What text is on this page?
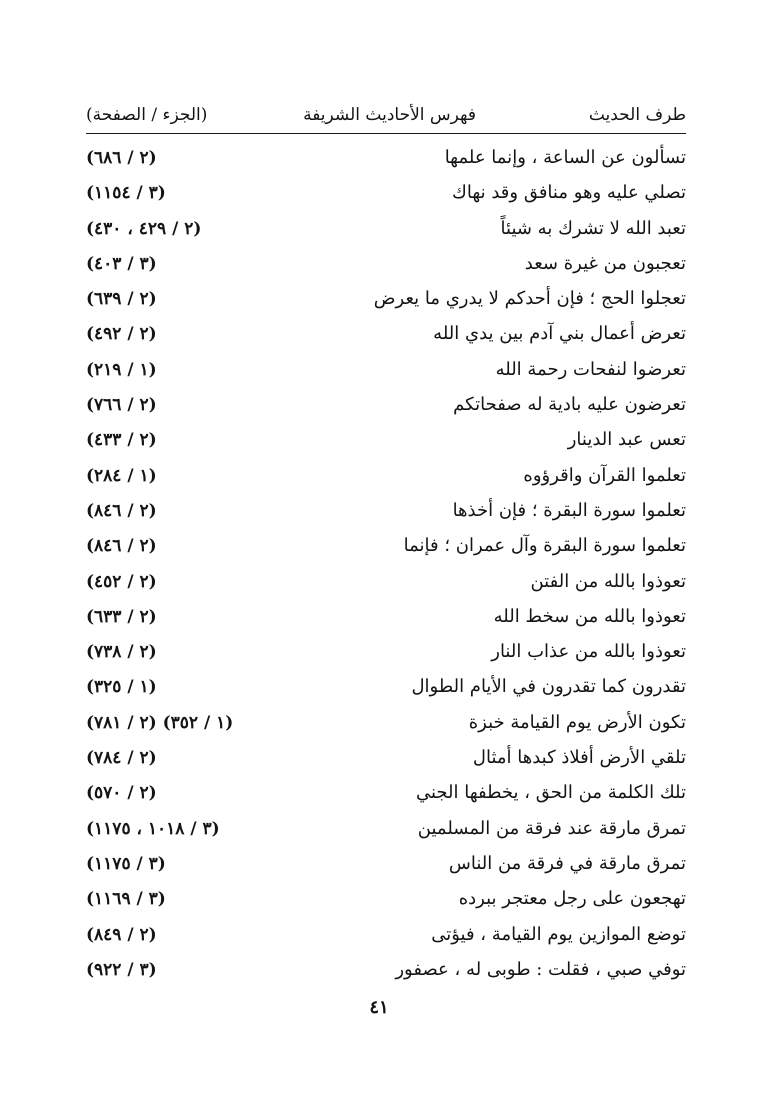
طرف الحديث
فهرس الأحاديث الشريفة
(الجزء / الصفحة)
تسألون عن الساعة ، وإنما علمها
(٢ / ٦٨٦)
تصلي عليه وهو منافق وقد نهاك
(٣ / ١١٥٤)
تعبد الله لا تشرك به شيئاً
(٢ / ٤٢٩ ، ٤٣٠)
تعجبون من غيرة سعد
(٣ / ٤٠٣)
تعجلوا الحج ؛ فإن أحدكم لا يدري ما يعرض
(٢ / ٦٣٩)
تعرض أعمال بني آدم بين يدي الله
(٢ / ٤٩٢)
تعرضوا لنفحات رحمة الله
(١ / ٢١٩)
تعرضون عليه بادية له صفحاتكم
(٢ / ٧٦٦)
تعس عبد الدينار
(٢ / ٤٣٣)
تعلموا القرآن واقرؤوه
(١ / ٢٨٤)
تعلموا سورة البقرة ؛ فإن أخذها
(٢ / ٨٤٦)
تعلموا سورة البقرة وآل عمران ؛ فإنما
(٢ / ٨٤٦)
تعوذوا بالله من الفتن
(٢ / ٤٥٢)
تعوذوا بالله من سخط الله
(٢ / ٦٣٣)
تعوذوا بالله من عذاب النار
(٢ / ٧٣٨)
تقدرون كما تقدرون في الأيام الطوال
(١ / ٣٢٥)
تكون الأرض يوم القيامة خبزة
(١ / ٣٥٢) (٢ / ٧٨١)
تلقي الأرض أفلاذ كبدها أمثال
(٢ / ٧٨٤)
تلك الكلمة من الحق ، يخطفها الجني
(٢ / ٥٧٠)
تمرق مارقة عند فرقة من المسلمين
(٣ / ١٠١٨ ، ١١٧٥)
تمرق مارقة في فرقة من الناس
(٣ / ١١٧٥)
تهجعون على رجل معتجر ببرده
(٣ / ١١٦٩)
توضع الموازين يوم القيامة ، فيؤتى
(٢ / ٨٤٩)
توفي صبي ، فقلت : طوبى له ، عصفور
(٣ / ٩٢٢)
٤١
